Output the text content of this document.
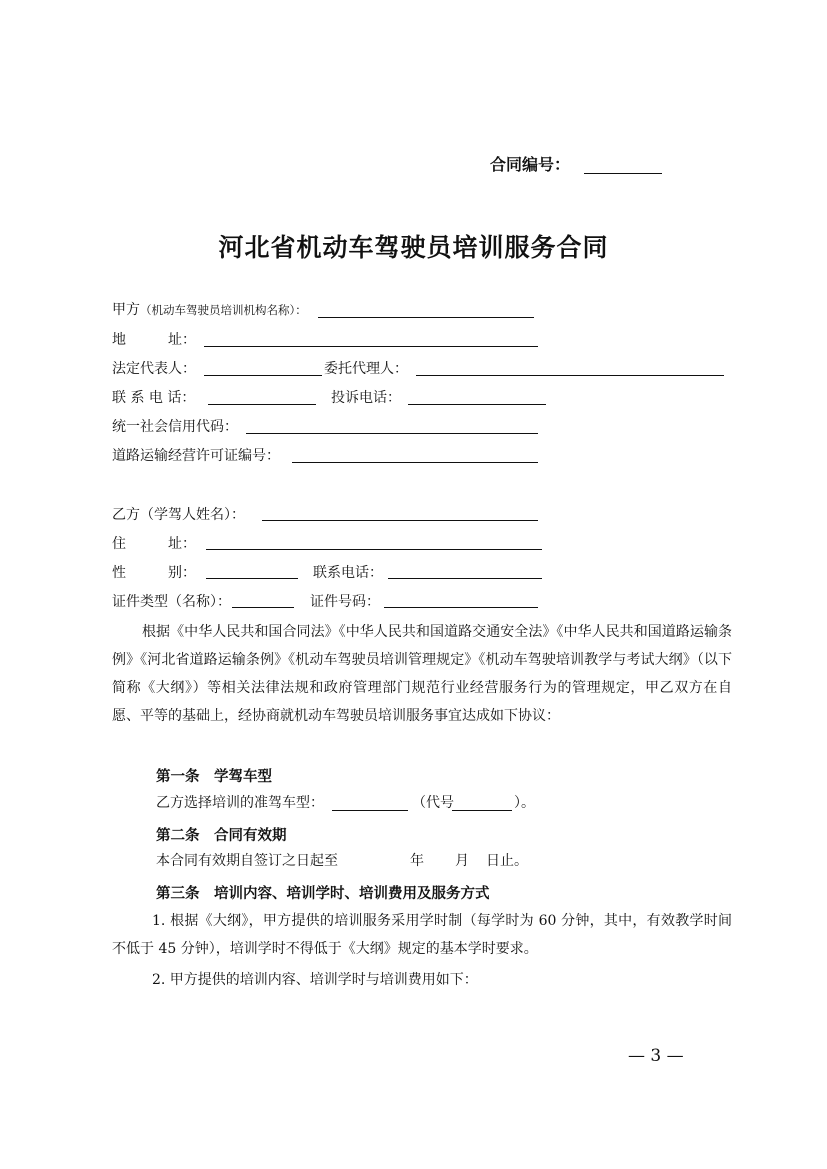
合同编号：
河北省机动车驾驶员培训服务合同
甲方（机动车驾驶员培训机构名称）：
地　　　址：
法定代表人：	委托代理人：
联 系 电 话：	投诉电话：
统一社会信用代码：
道路运输经营许可证编号：
乙方（学驾人姓名）：
住　　　址：
性　　　别：	联系电话：
证件类型（名称）：	证件号码：
根据《中华人民共和国合同法》《中华人民共和国道路交通安全法》《中华人民共和国道路运输条例》《河北省道路运输条例》《机动车驾驶员培训管理规定》《机动车驾驶培训教学与考试大纲》（以下简称《大纲》）等相关法律法规和政府管理部门规范行业经营服务行为的管理规定，甲乙双方在自愿、平等的基础上，经协商就机动车驾驶员培训服务事宜达成如下协议：
第一条　学驾车型
乙方选择培训的准驾车型：	（代号	）。
第二条　合同有效期
本合同有效期自签订之日起至	年 月 日止。
第三条　培训内容、培训学时、培训费用及服务方式
1. 根据《大纲》，甲方提供的培训服务采用学时制（每学时为 60 分钟，其中，有效教学时间不低于 45 分钟），培训学时不得低于《大纲》规定的基本学时要求。
2. 甲方提供的培训内容、培训学时与培训费用如下：
— 3 —
